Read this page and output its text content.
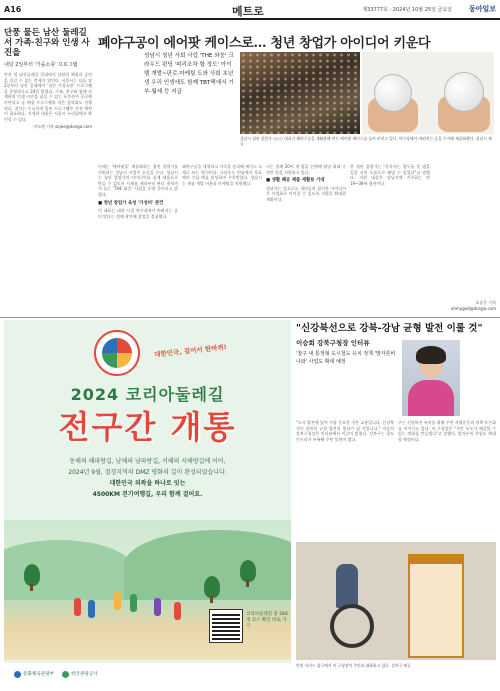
A16	메트로	제33777호 · 2024년 10월 25일 금요일 동아일보
단풍 물든 남산 둘레길서 가족·친구와 인생 사진을
내달 2일부터 '가을소풍' 프로그램
단풍 철 남산둘레길 일대에서 다양한 체험과 공연을 즐길 수 있는 축제가 열린다. 서울시는 다음 달 2일부터 남산 일대에서 '남산 가을소풍' 프로그램을 운영한다고 24일 밝혔다. 가족, 친구와 함께 산책하며 인생 사진을 남길 수 있는 포토존이 곳곳에 마련되고 숲 해설 프로그램과 작은 음악회도 진행된다. 참가는 무료이며 일부 프로그램은 사전 예약이 필요하다. 자세한 내용은 서울시 누리집에서 확인할 수 있다.
이소정 기자 sojee@donga.com
폐야구공이 에어팟 케이스로… 청년 창업가 아이디어 키운다
성남시 청년 사회 사업 'THE 와웅' 크라우드 펀딩 '피리조차 할 정도' 아이템 개발~판로·마케팅 도와 사회 초년생 우리 인생에도 함께 TBT팩에서 기부-월세 등 지급
성남시 청년 창업가 ○○○ 대표가 폐야구공을 재활용해 만든 에어팟 케이스를 들어 보이고 있다. 야구장에서 버려지는 공을 수거해 제품화했다. 성남시 제공
이제는 '에어팟을' 제품화하는 청년 창업가를 지원하는 성남시 사업이 눈길을 끈다. 성남시는 청년 창업가의 아이디어를 실제 제품으로 만들 수 있도록 시제품 제작부터 판로 개척까지 돕는 'THE 와웅' 사업을 운영 중이라고 밝혔다.
■ 청년 창업가 육성 '가성비' 관건
이 대표는 대학 시절 야구장에서 버려지는 공이 많다는 점에 착안해 창업을 결심했다.
폐야구공을 세척하고 가죽을 분리해 케이스 소재로 쓰는 방식이다. 크라우드 펀딩에서 목표액의 수십 배를 달성하며 주목받았다. 성남시는 제품 개발 비용과 마케팅을 지원했다.
시는 올해 20여 개 팀을 선정해 팀당 최대 수천만 원을 지원하고 있다.
■ 생활 폐공 제품 재활용 기대
성남시는 앞으로도 청년들의 참신한 아이디어가 사업화로 이어질 수 있도록 지원을 확대할 계획이다.
한 청년 창업가는 "혼자서는 엄두를 못 냈을 일을 시의 도움으로 해낼 수 있었다"고 말했다. 지원 대상은 성남시에 거주하는 만 19~39세 청년이다.
오승준 기자 ohmygod@donga.com
대한민국, 걸어서 한바퀴!
2024 코리아둘레길
전구간 개통
동해의 해파랑길, 남해의 남파랑길, 서해의 서해랑길에 이어,
2024년 9월, 접경지역의 DMZ 평화의 길이 완성되었습니다.
대한민국 외곽을 하나로 잇는
4500KM 걷기여행길, 우리 함께 걸어요.
코리아둘레길 총 284개 코스 확인 바로 가기
문화체육관광부	한국관광공사
"신강북선으로 강북-강남 균형 발전 이룰 것"
이승희 강북구청장 인터뷰
'창구 내 통정형 도시철도 유치 정책 '발자론비 나와' 사업도 확대 예정
"도시 발전에 있어 가장 중요한 것은 교통입니다. 신강북선이 강북의 균형 발전의 열쇠가 될 것입니다." 이승희 강북구청장은 인터뷰에서 이같이 밝혔다. 강북구는 철도 인프라가 부족해 주민 불편이 컸다.
구는 신강북선 유치를 위해 주민 서명운동과 정책 토론회를 이어가고 있다. 이 구청장은 "주민 모두가 체감할 수 있는 변화를 만들겠다"고 말했다. 발자론비 사업도 확대할 예정이다.
민원 서비스 창구에서 이 구청장이 주민과 대화하고 있다. 강북구 제공
